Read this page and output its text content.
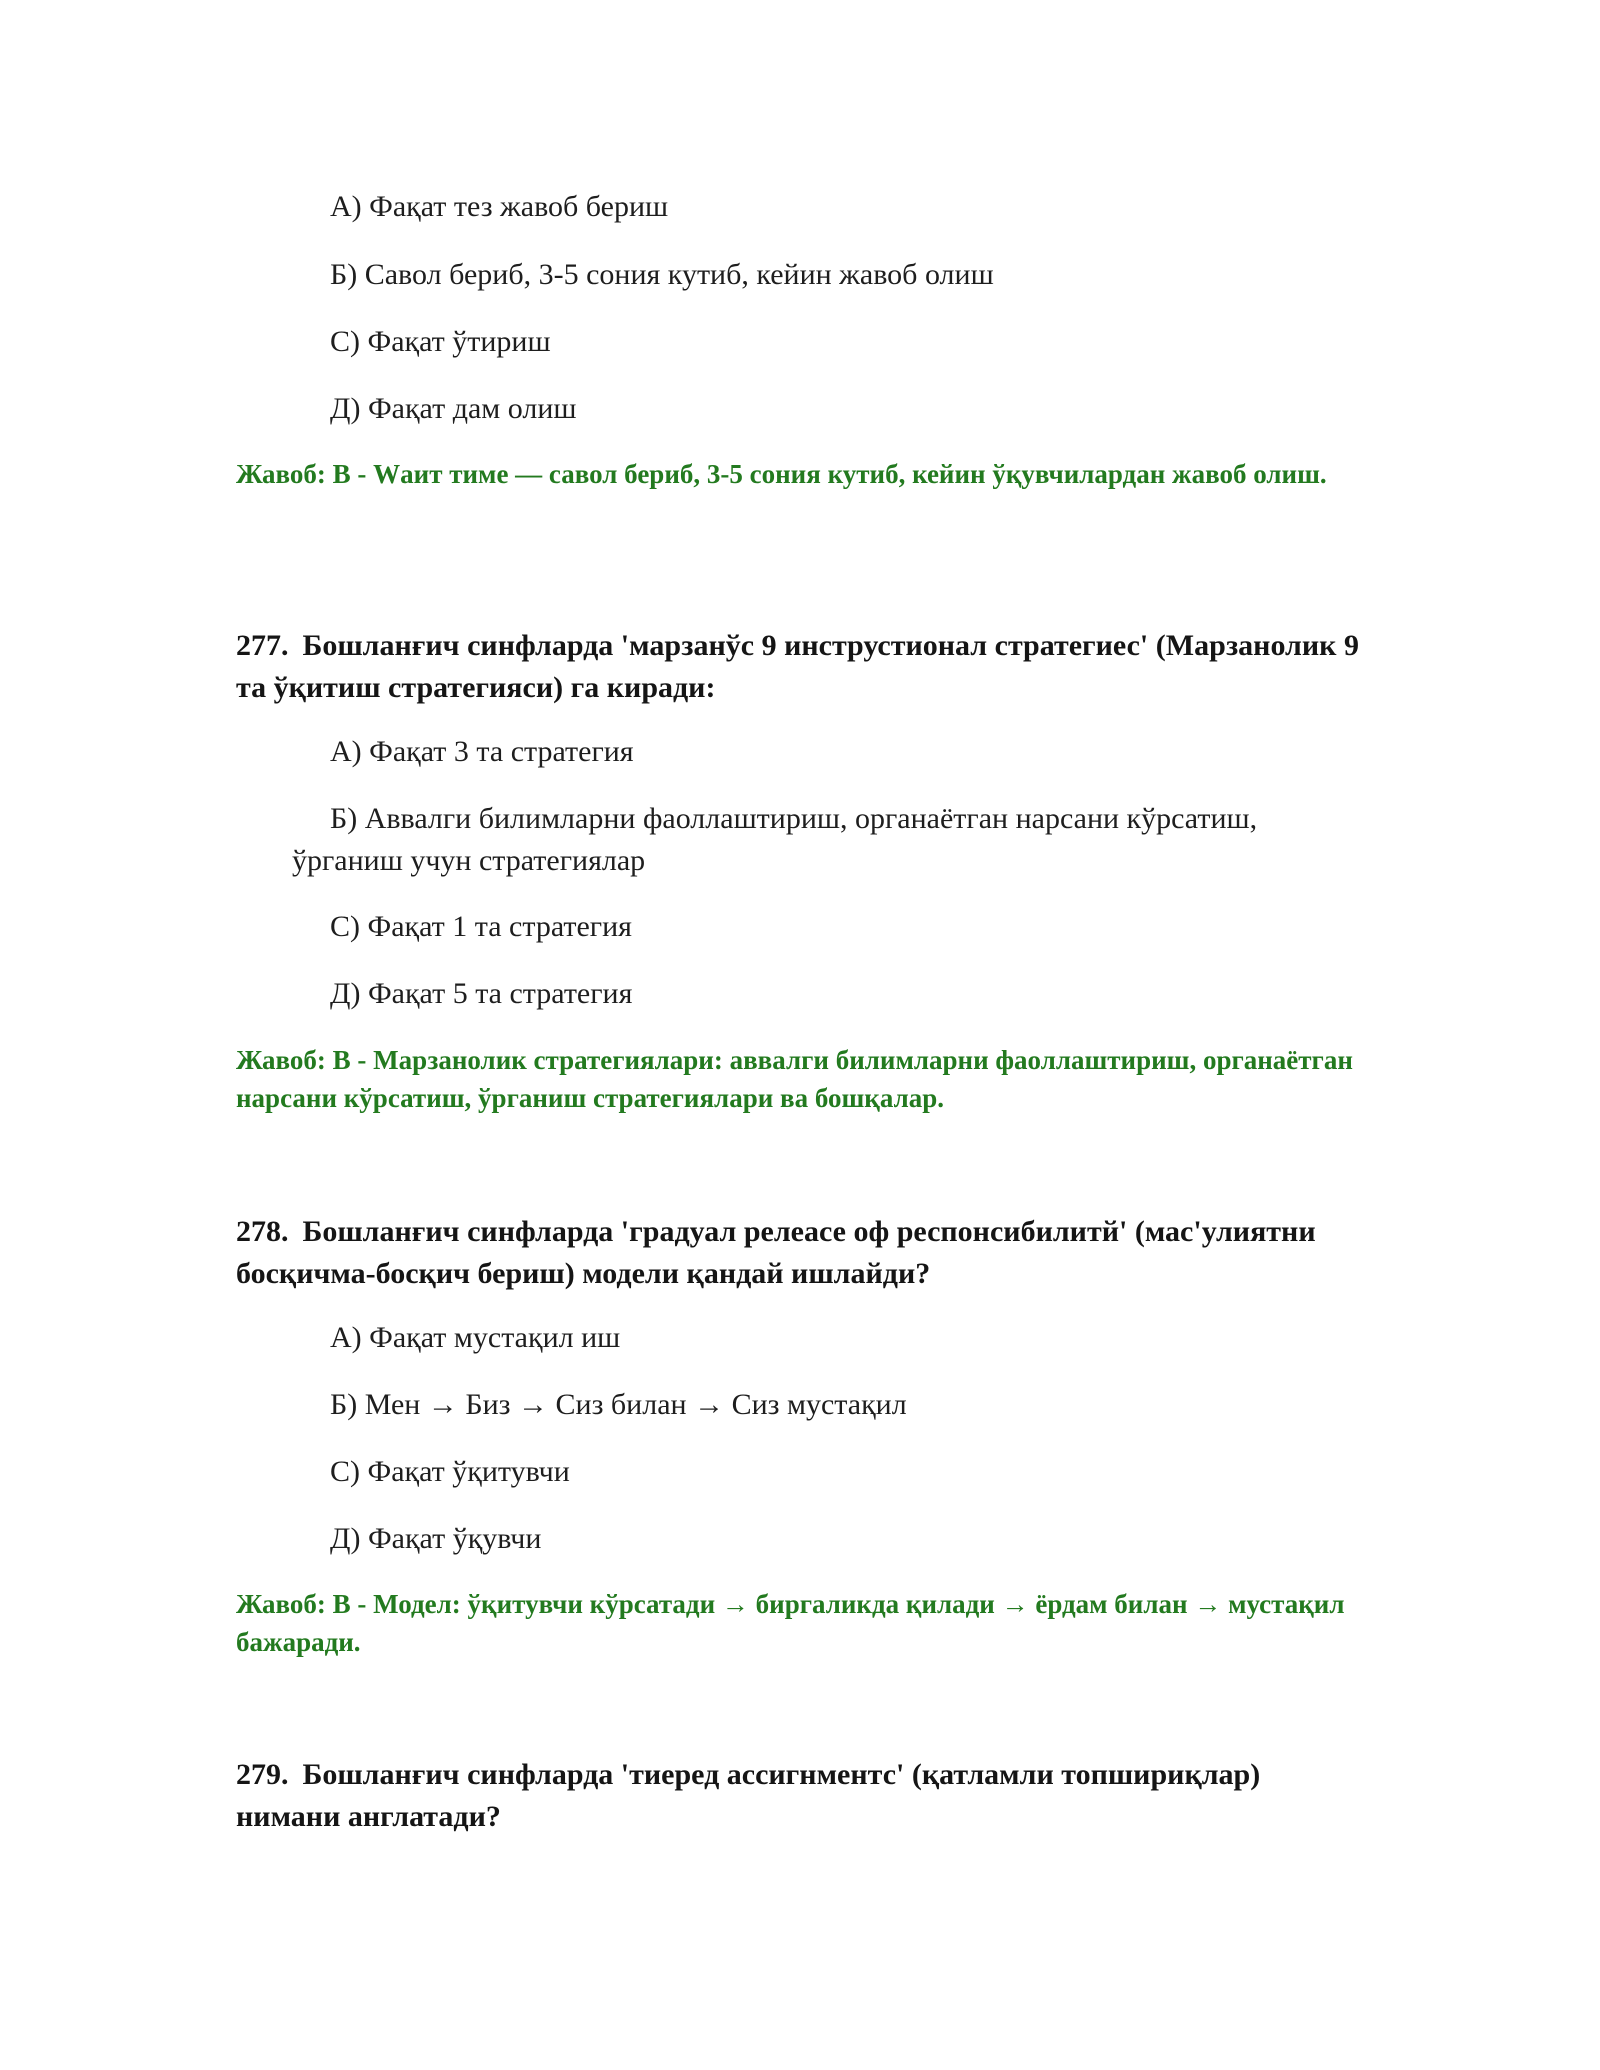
А) Фақат тез жавоб бериш
Б) Савол бериб, 3-5 сония кутиб, кейин жавоб олиш
С) Фақат ўтириш
Д) Фақат дам олиш
Жавоб: В - Wаит тиме — савол бериб, 3-5 сония кутиб, кейин ўқувчилардан жавоб олиш.
277. Бошланғич синфларда 'марзанўс 9 инструстионал стратегиес' (Марзанолик 9 та ўқитиш стратегияси) га киради:
А) Фақат 3 та стратегия
Б) Аввалги билимларни фаоллаштириш, органаётган нарсани кўрсатиш, ўрганиш учун стратегиялар
С) Фақат 1 та стратегия
Д) Фақат 5 та стратегия
Жавоб: В - Марзанолик стратегиялари: аввалги билимларни фаоллаштириш, органаётган нарсани кўрсатиш, ўрганиш стратегиялари ва бошқалар.
278. Бошланғич синфларда 'градуал релеасе оф респонсибилитй' (мас'улиятни босқичма-босқич бериш) модели қандай ишлайди?
А) Фақат мустақил иш
Б) Мен → Биз → Сиз билан → Сиз мустақил
С) Фақат ўқитувчи
Д) Фақат ўқувчи
Жавоб: В - Модел: ўқитувчи кўрсатади → биргаликда қилади → ёрдам билан → мустақил бажаради.
279. Бошланғич синфларда 'тиеред ассигнментс' (қатламли топшириқлар) нимани англатади?
